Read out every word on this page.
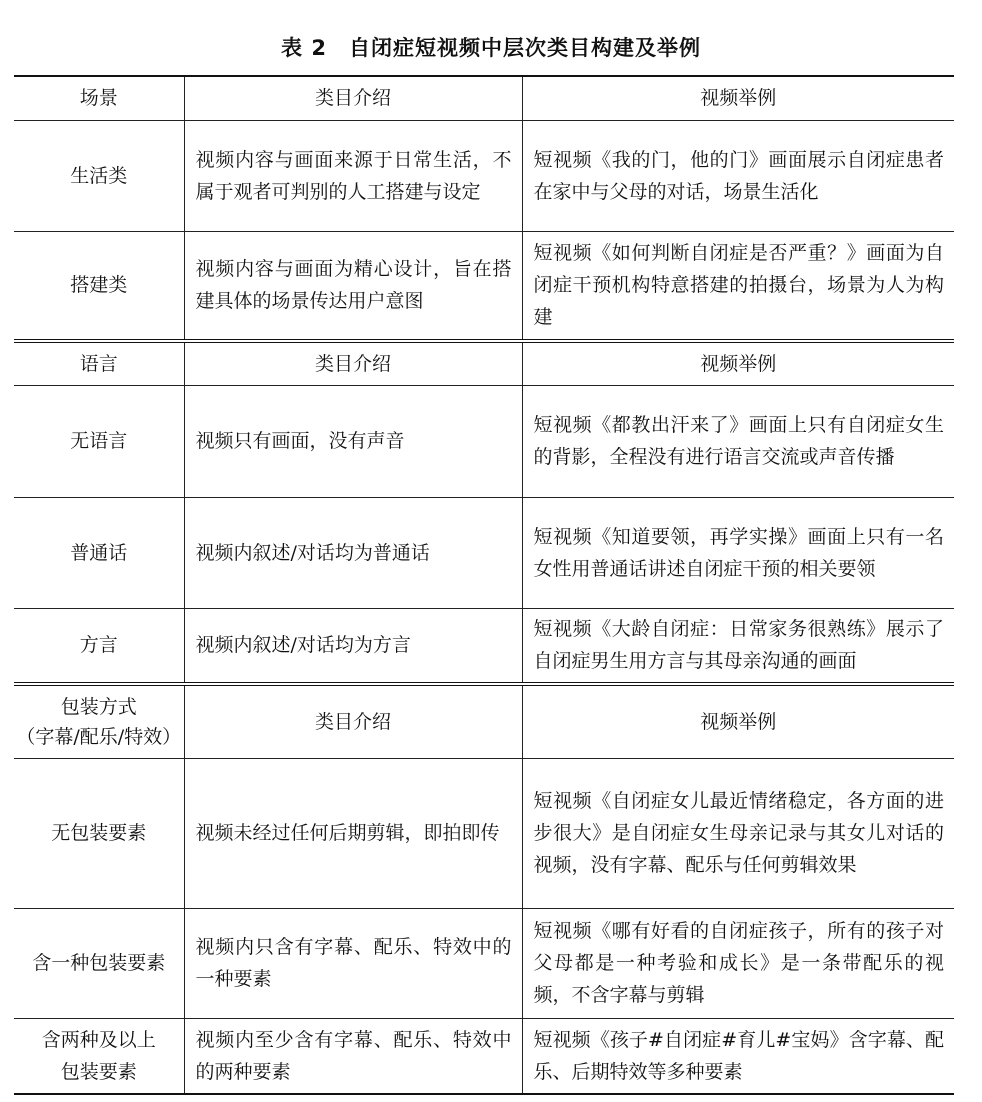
表 2 自闭症短视频中层次类目构建及举例
场景	类目介绍	视频举例
生活类	视频内容与画面来源于日常生活，不属于观者可判别的人工搭建与设定	短视频《我的门，他的门》画面展示自闭症患者在家中与父母的对话，场景生活化
搭建类	视频内容与画面为精心设计，旨在搭建具体的场景传达用户意图	短视频《如何判断自闭症是否严重？》画面为自闭症干预机构特意搭建的拍摄台，场景为人为构建
语言	类目介绍	视频举例
无语言	视频只有画面，没有声音	短视频《都教出汗来了》画面上只有自闭症女生的背影，全程没有进行语言交流或声音传播
普通话	视频内叙述/对话均为普通话	短视频《知道要领，再学实操》画面上只有一名女性用普通话讲述自闭症干预的相关要领
方言	视频内叙述/对话均为方言	短视频《大龄自闭症：日常家务很熟练》展示了自闭症男生用方言与其母亲沟通的画面

包装方式
（字幕/配乐/特效）	类目介绍	视频举例
无包装要素	视频未经过任何后期剪辑，即拍即传	短视频《自闭症女儿最近情绪稳定，各方面的进步很大》是自闭症女生母亲记录与其女儿对话的视频，没有字幕、配乐与任何剪辑效果
含一种包装要素	视频内只含有字幕、配乐、特效中的一种要素	短视频《哪有好看的自闭症孩子，所有的孩子对父母都是一种考验和成长》是一条带配乐的视频，不含字幕与剪辑

含两种及以上
包装要素	视频内至少含有字幕、配乐、特效中的两种要素	短视频《孩子#自闭症#育儿#宝妈》含字幕、配乐、后期特效等多种要素
